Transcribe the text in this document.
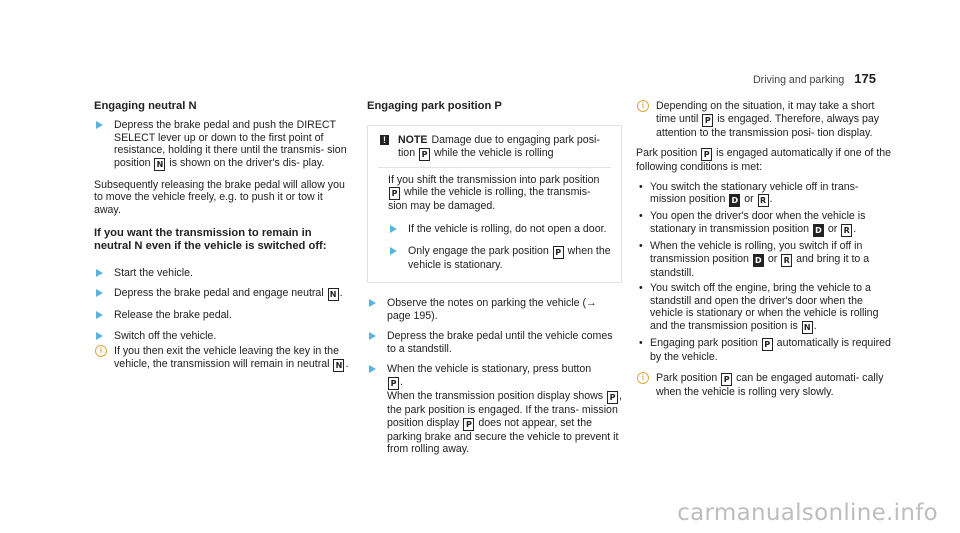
Driving and parking 175
Engaging neutral N
Depress the brake pedal and push the DIRECT SELECT lever up or down to the first point of resistance, holding it there until the transmis‐ sion position N is shown on the driver's dis‐ play.

Subsequently releasing the brake pedal will allow you to move the vehicle freely, e.g. to push it or tow it away.

If you want the transmission to remain in neutral N even if the vehicle is switched off:
Start the vehicle.
Depress the brake pedal and engage neutral N .
Release the brake pedal.
Switch off the vehicle.
i	If you then exit the vehicle leaving the key in the vehicle, the transmission will remain in neutral N .
Engaging park position P
! NOTE Damage due to engaging park posi‐ tion P while the vehicle is rolling
If you shift the transmission into park position P while the vehicle is rolling, the transmis‐ sion may be damaged.
If the vehicle is rolling, do not open a door.
Only engage the park position P when the vehicle is stationary.
Observe the notes on parking the vehicle (→ page 195).
Depress the brake pedal until the vehicle comes to a standstill.
When the vehicle is stationary, press button
P .
When the transmission position display shows P , the park position is engaged. If the trans‐ mission position display P does not appear, set the parking brake and secure the vehicle to prevent it from rolling away.
i	Depending on the situation, it may take a short time until P is engaged. Therefore, always pay attention to the transmission posi‐ tion display.

Park position P is engaged automatically if one of the following conditions is met:

• You switch the stationary vehicle off in trans‐ mission position D or R .
• You open the driver's door when the vehicle is stationary in transmission position D or R .
• When the vehicle is rolling, you switch if off in transmission position D or R and bring it to a standstill.
• You switch off the engine, bring the vehicle to a standstill and open the driver's door when the vehicle is stationary or when the vehicle is rolling and the transmission position is N .
• Engaging park position P automatically is required by the vehicle.
i	Park position P can be engaged automati‐ cally when the vehicle is rolling very slowly.
carmanualsonline.info
